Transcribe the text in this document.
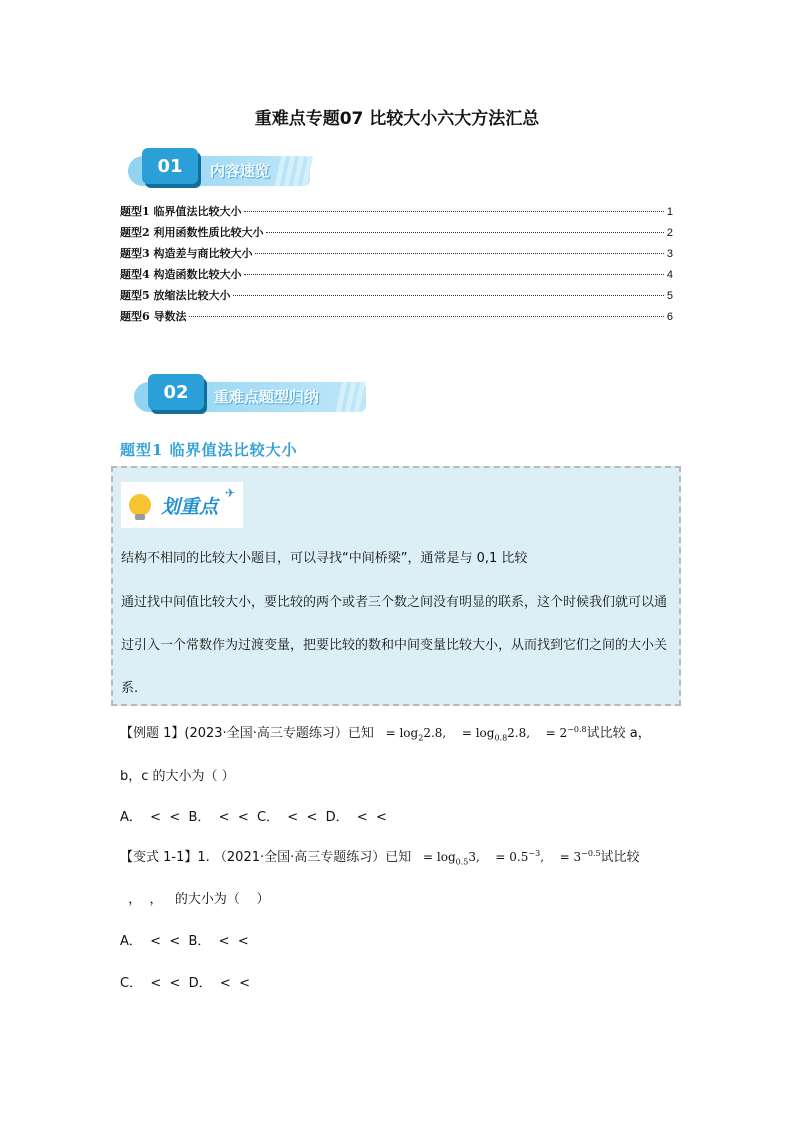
重难点专题07 比较大小六大方法汇总
01	内容速览
题型1 临界值法比较大小	1
题型2 利用函数性质比较大小	2
题型3 构造差与商比较大小	3
题型4 构造函数比较大小	4
题型5 放缩法比较大小	5
题型6 导数法	6
02	重难点题型归纳
题型1 临界值法比较大小
划重点
✈

结构不相同的比较大小题目，可以寻找“中间桥梁”，通常是与 0,1 比较

通过找中间值比较大小，要比较的两个或者三个数之间没有明显的联系，这个时候我们就可以通过引入一个常数作为过渡变量，把要比较的数和中间变量比较大小，从而找到它们之间的大小关系.

【例题 1】(2023·全国·高三专题练习）已知   = $\log_22.8$,    = $\log_{0.8}2.8$,    = $2^{-0.8}$试比较 a，
b，c 的大小为（ ）
A．  <  <  B．  <  <  C．  <  <  D．  <  <
【变式 1-1】1. （2021·全国·高三专题练习）已知   = $\log_{0.5}3$,    = $0.5^{-3}$,    = $3^{-0.5}$试比较
，  ，   的大小为（    ）
A．  <  <  B．  <  <
C．  <  <  D．  <  <
